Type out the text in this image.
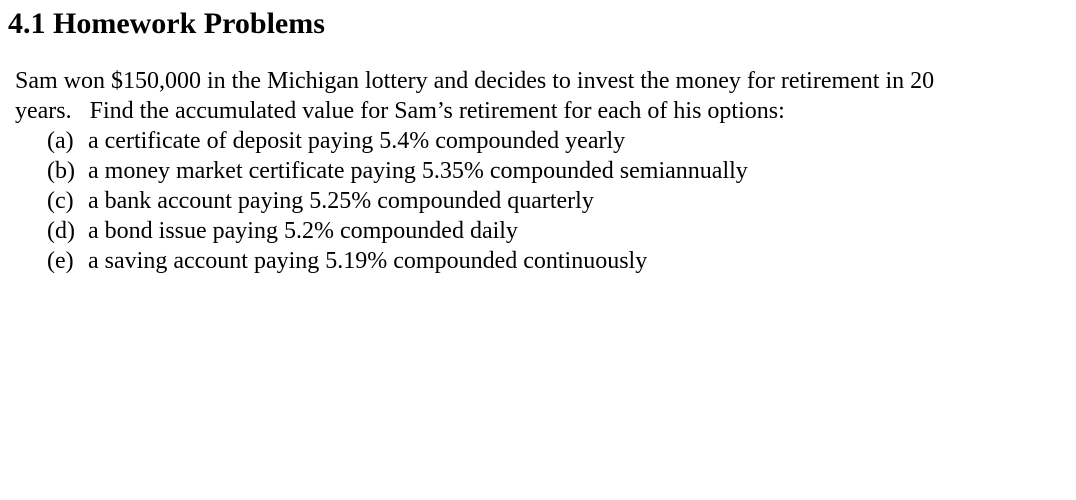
4.1 Homework Problems

Sam won $150,000 in the Michigan lottery and decides to invest the money for retirement in 20
years.   Find the accumulated value for Sam’s retirement for each of his options:

(a) a certificate of deposit paying 5.4% compounded yearly
(b) a money market certificate paying 5.35% compounded semiannually
(c) a bank account paying 5.25% compounded quarterly
(d) a bond issue paying 5.2% compounded daily
(e) a saving account paying 5.19% compounded continuously
